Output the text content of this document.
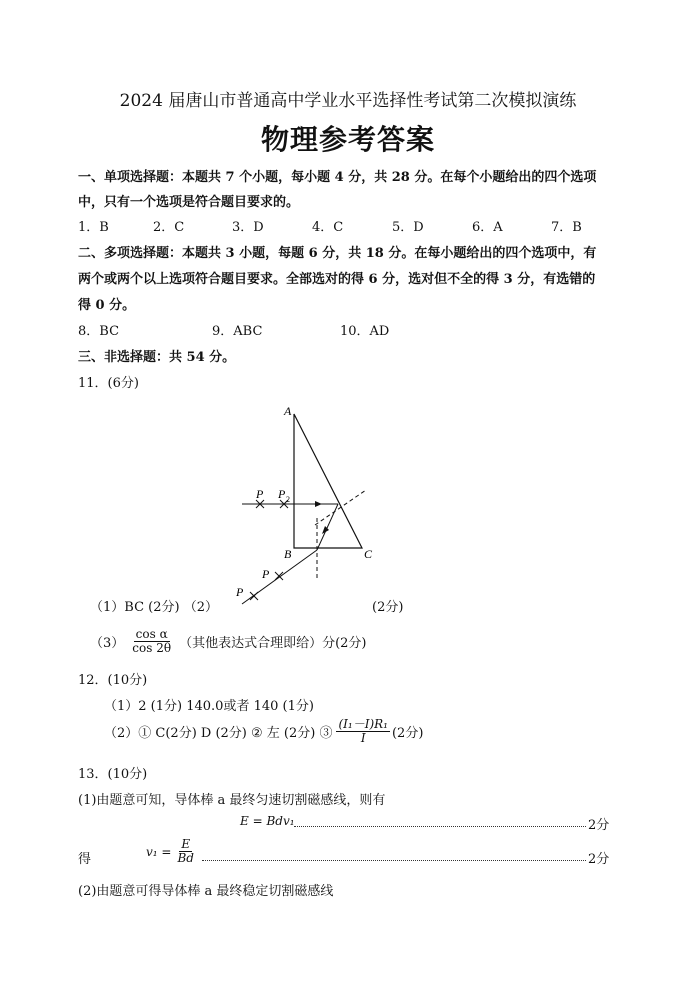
2024 届唐山市普通高中学业水平选择性考试第二次模拟演练
物理参考答案
一、单项选择题：本题共 7 个小题，每小题 4 分，共 28 分。在每个小题给出的四个选项
中，只有一个选项是符合题目要求的。
1．B	2．C	3．D	4．C	5．D	6．A	7．B
二、多项选择题：本题共 3 小题，每题 6 分，共 18 分。在每小题给出的四个选项中，有
两个或两个以上选项符合题目要求。全部选对的得 6 分，选对但不全的得 3 分，有选错的
得 0 分。
8．BC	9．ABC	10．AD
三、非选择题：共 54 分。
11．(6分)
A
B	C
P P 2
P
P
（1）BC (2分) （2）	(2分)
$(3) \frac{\text{cos α}}{\cos 2\theta}$ （其他表达式合理即给）分(2分)
12．(10分)
（1）2 (1分) 140.0或者 140 (1分)
（2）① C(2分) D (2分) ② 左 (2分) ③ $\frac{\text{(I₁－I)R₁}}{I} (2$分)
13．(10分)
(1)由题意可知，导体棒 a 最终匀速切割磁感线，则有
E = Bdv₁	2分
得
$v_1 = \frac{E}{Bd}$	2分
(2)由题意可得导体棒 a 最终稳定切割磁感线
